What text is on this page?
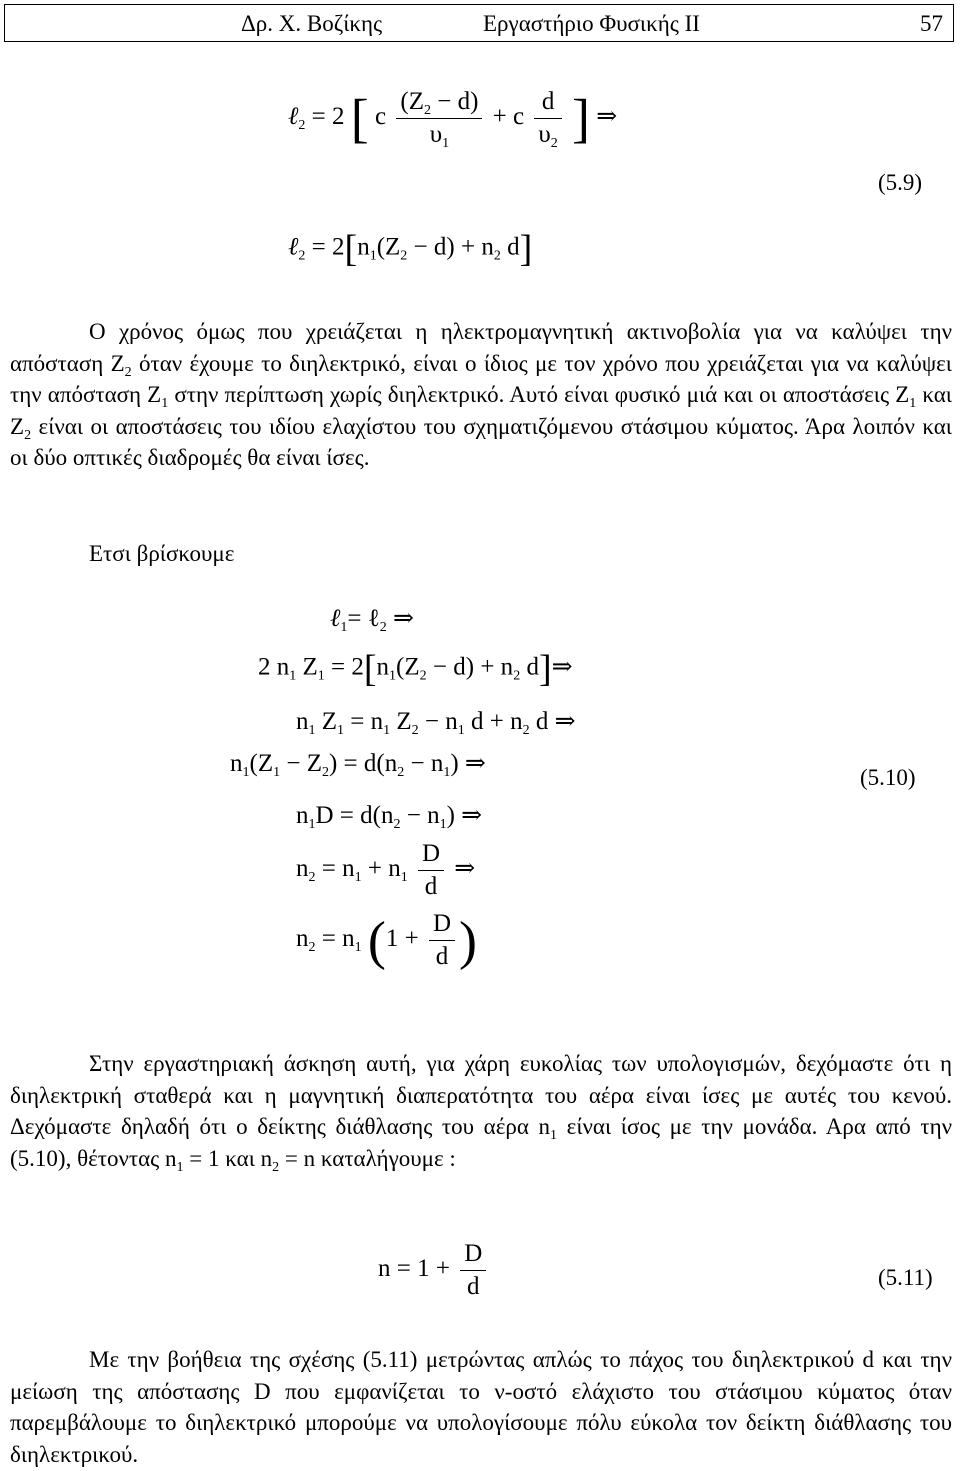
Δρ. Χ. Βοζίκης	Εργαστήριο Φυσικής ΙΙ	57
ℓ$_2$ = 2 [ c $\frac{(Z_2 - d)}{\upsilon_1} + c \frac{d}{\upsilon_2}$ ] ⇒
(5.9)
ℓ$_2$ = $2[n_1(Z_2 - d) + n_2$ d]
Ο χρόνος όμως που χρειάζεται η ηλεκτρομαγνητική ακτινοβολία για να καλύψει την απόσταση $Z_2$ όταν έχουμε το διηλεκτρικό, είναι ο ίδιος με τον χρόνο που χρειάζεται για να καλύψει την απόσταση $Z_1$ στην περίπτωση χωρίς διηλεκτρικό. Αυτό είναι φυσικό μιά και οι αποστάσεις $Z_1$ και $Z_2$ είναι οι αποστάσεις του ιδίου ελαχίστου του σχηματιζόμενου στάσιμου κύματος. Άρα λοιπόν και οι δύο οπτικές διαδρομές θα είναι ίσες.
Ετσι βρίσκουμε
ℓ$_1$= ℓ$_2$ ⇒
2 $n_1$ $Z_1 = 2[n_1(Z_2 - d) + n_2$ d]⇒
$n_1$ $Z_1 = n_1$ $Z_2 - n_1$ $d + n_2$ d ⇒
$n_1(Z_1 - Z_2) = d(n_2 - n_1)$ ⇒
(5.10)
$n_1D = d(n_2 - n_1)$ ⇒
$n_2 = n_1 + n_1 \frac{D}{d}$ ⇒
$n_2 = n_1$ ($1 + \frac{D}{d}$ )
Στην εργαστηριακή άσκηση αυτή, για χάρη ευκολίας των υπολογισμών, δεχόμαστε ότι η διηλεκτρική σταθερά και η μαγνητική διαπερατότητα του αέρα είναι ίσες με αυτές του κενού. Δεχόμαστε δηλαδή ότι ο δείκτης διάθλασης του αέρα $n_1$ είναι ίσος με την μονάδα. Αρα από την (5.10), θέτοντας $n_1 = 1$ και $n_2 = n$ καταλήγουμε :
$n = 1 + \frac{D}{d}$	(5.11)
Με την βοήθεια της σχέσης (5.11) μετρώντας απλώς το πάχος του διηλεκτρικού d και την μείωση της απόστασης D που εμφανίζεται το ν-οστό ελάχιστο του στάσιμου κύματος όταν παρεμβάλουμε το διηλεκτρικό μπορούμε να υπολογίσουμε πόλυ εύκολα τον δείκτη διάθλασης του διηλεκτρικού.
